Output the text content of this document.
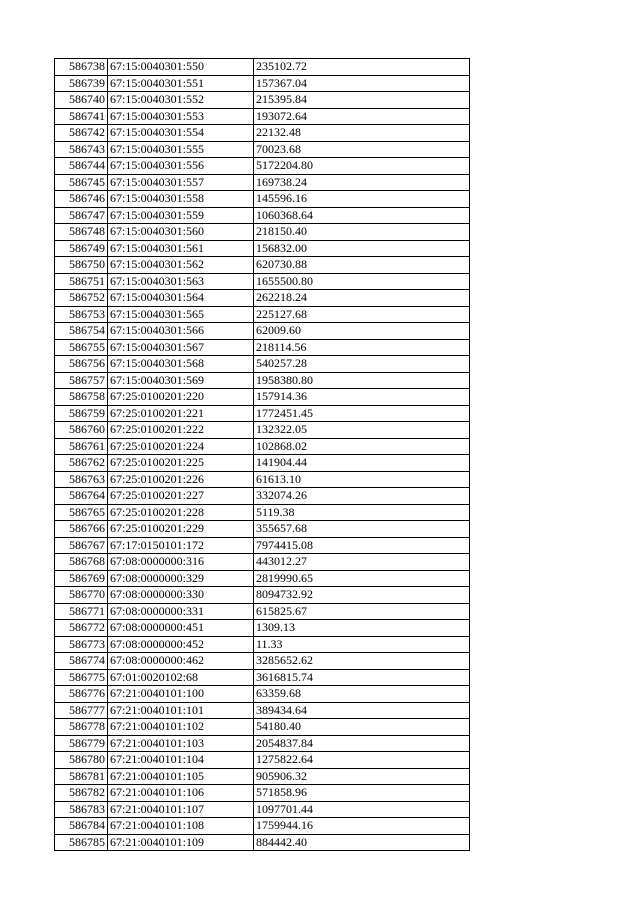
586738	67:15:0040301:550	235102.72
586739	67:15:0040301:551	157367.04
586740	67:15:0040301:552	215395.84
586741	67:15:0040301:553	193072.64
586742	67:15:0040301:554	22132.48
586743	67:15:0040301:555	70023.68
586744	67:15:0040301:556	5172204.80
586745	67:15:0040301:557	169738.24
586746	67:15:0040301:558	145596.16
586747	67:15:0040301:559	1060368.64
586748	67:15:0040301:560	218150.40
586749	67:15:0040301:561	156832.00
586750	67:15:0040301:562	620730.88
586751	67:15:0040301:563	1655500.80
586752	67:15:0040301:564	262218.24
586753	67:15:0040301:565	225127.68
586754	67:15:0040301:566	62009.60
586755	67:15:0040301:567	218114.56
586756	67:15:0040301:568	540257.28
586757	67:15:0040301:569	1958380.80
586758	67:25:0100201:220	157914.36
586759	67:25:0100201:221	1772451.45
586760	67:25:0100201:222	132322.05
586761	67:25:0100201:224	102868.02
586762	67:25:0100201:225	141904.44
586763	67:25:0100201:226	61613.10
586764	67:25:0100201:227	332074.26
586765	67:25:0100201:228	5119.38
586766	67:25:0100201:229	355657.68
586767	67:17:0150101:172	7974415.08
586768	67:08:0000000:316	443012.27
586769	67:08:0000000:329	2819990.65
586770	67:08:0000000:330	8094732.92
586771	67:08:0000000:331	615825.67
586772	67:08:0000000:451	1309.13
586773	67:08:0000000:452	11.33
586774	67:08:0000000:462	3285652.62
586775	67:01:0020102:68	3616815.74
586776	67:21:0040101:100	63359.68
586777	67:21:0040101:101	389434.64
586778	67:21:0040101:102	54180.40
586779	67:21:0040101:103	2054837.84
586780	67:21:0040101:104	1275822.64
586781	67:21:0040101:105	905906.32
586782	67:21:0040101:106	571858.96
586783	67:21:0040101:107	1097701.44
586784	67:21:0040101:108	1759944.16
586785	67:21:0040101:109	884442.40
